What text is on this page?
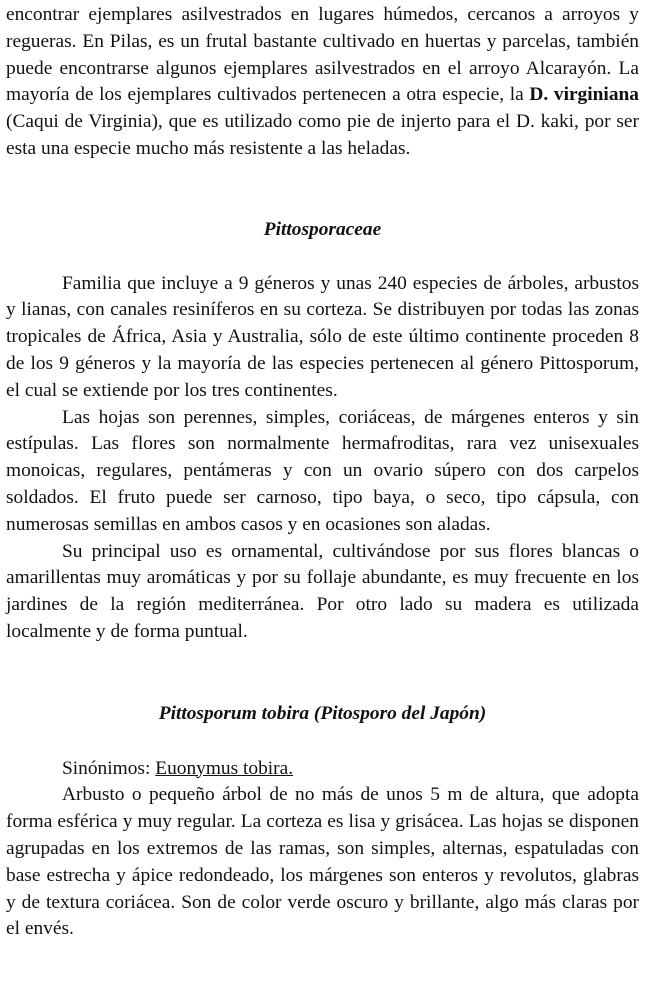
encontrar ejemplares asilvestrados en lugares húmedos, cercanos a arroyos y regueras. En Pilas, es un frutal bastante cultivado en huertas y parcelas, también puede encontrarse algunos ejemplares asilvestrados en el arroyo Alcarayón. La mayoría de los ejemplares cultivados pertenecen a otra especie, la D. virginiana (Caqui de Virginia), que es utilizado como pie de injerto para el D. kaki, por ser esta una especie mucho más resistente a las heladas.

Pittosporaceae

Familia que incluye a 9 géneros y unas 240 especies de árboles, arbustos y lianas, con canales resiníferos en su corteza. Se distribuyen por todas las zonas tropicales de África, Asia y Australia, sólo de este último continente proceden 8 de los 9 géneros y la mayoría de las especies pertenecen al género Pittosporum, el cual se extiende por los tres continentes.

Las hojas son perennes, simples, coriáceas, de márgenes enteros y sin estípulas. Las flores son normalmente hermafroditas, rara vez unisexuales monoicas, regulares, pentámeras y con un ovario súpero con dos carpelos soldados. El fruto puede ser carnoso, tipo baya, o seco, tipo cápsula, con numerosas semillas en ambos casos y en ocasiones son aladas.

Su principal uso es ornamental, cultivándose por sus flores blancas o amarillentas muy aromáticas y por su follaje abundante, es muy frecuente en los jardines de la región mediterránea. Por otro lado su madera es utilizada localmente y de forma puntual.

Pittosporum tobira (Pitosporo del Japón)

Sinónimos: Euonymus tobira.

Arbusto o pequeño árbol de no más de unos 5 m de altura, que adopta forma esférica y muy regular. La corteza es lisa y grisácea. Las hojas se disponen agrupadas en los extremos de las ramas, son simples, alternas, espatuladas con base estrecha y ápice redondeado, los márgenes son enteros y revolutos, glabras y de textura coriácea. Son de color verde oscuro y brillante, algo más claras por el envés.
